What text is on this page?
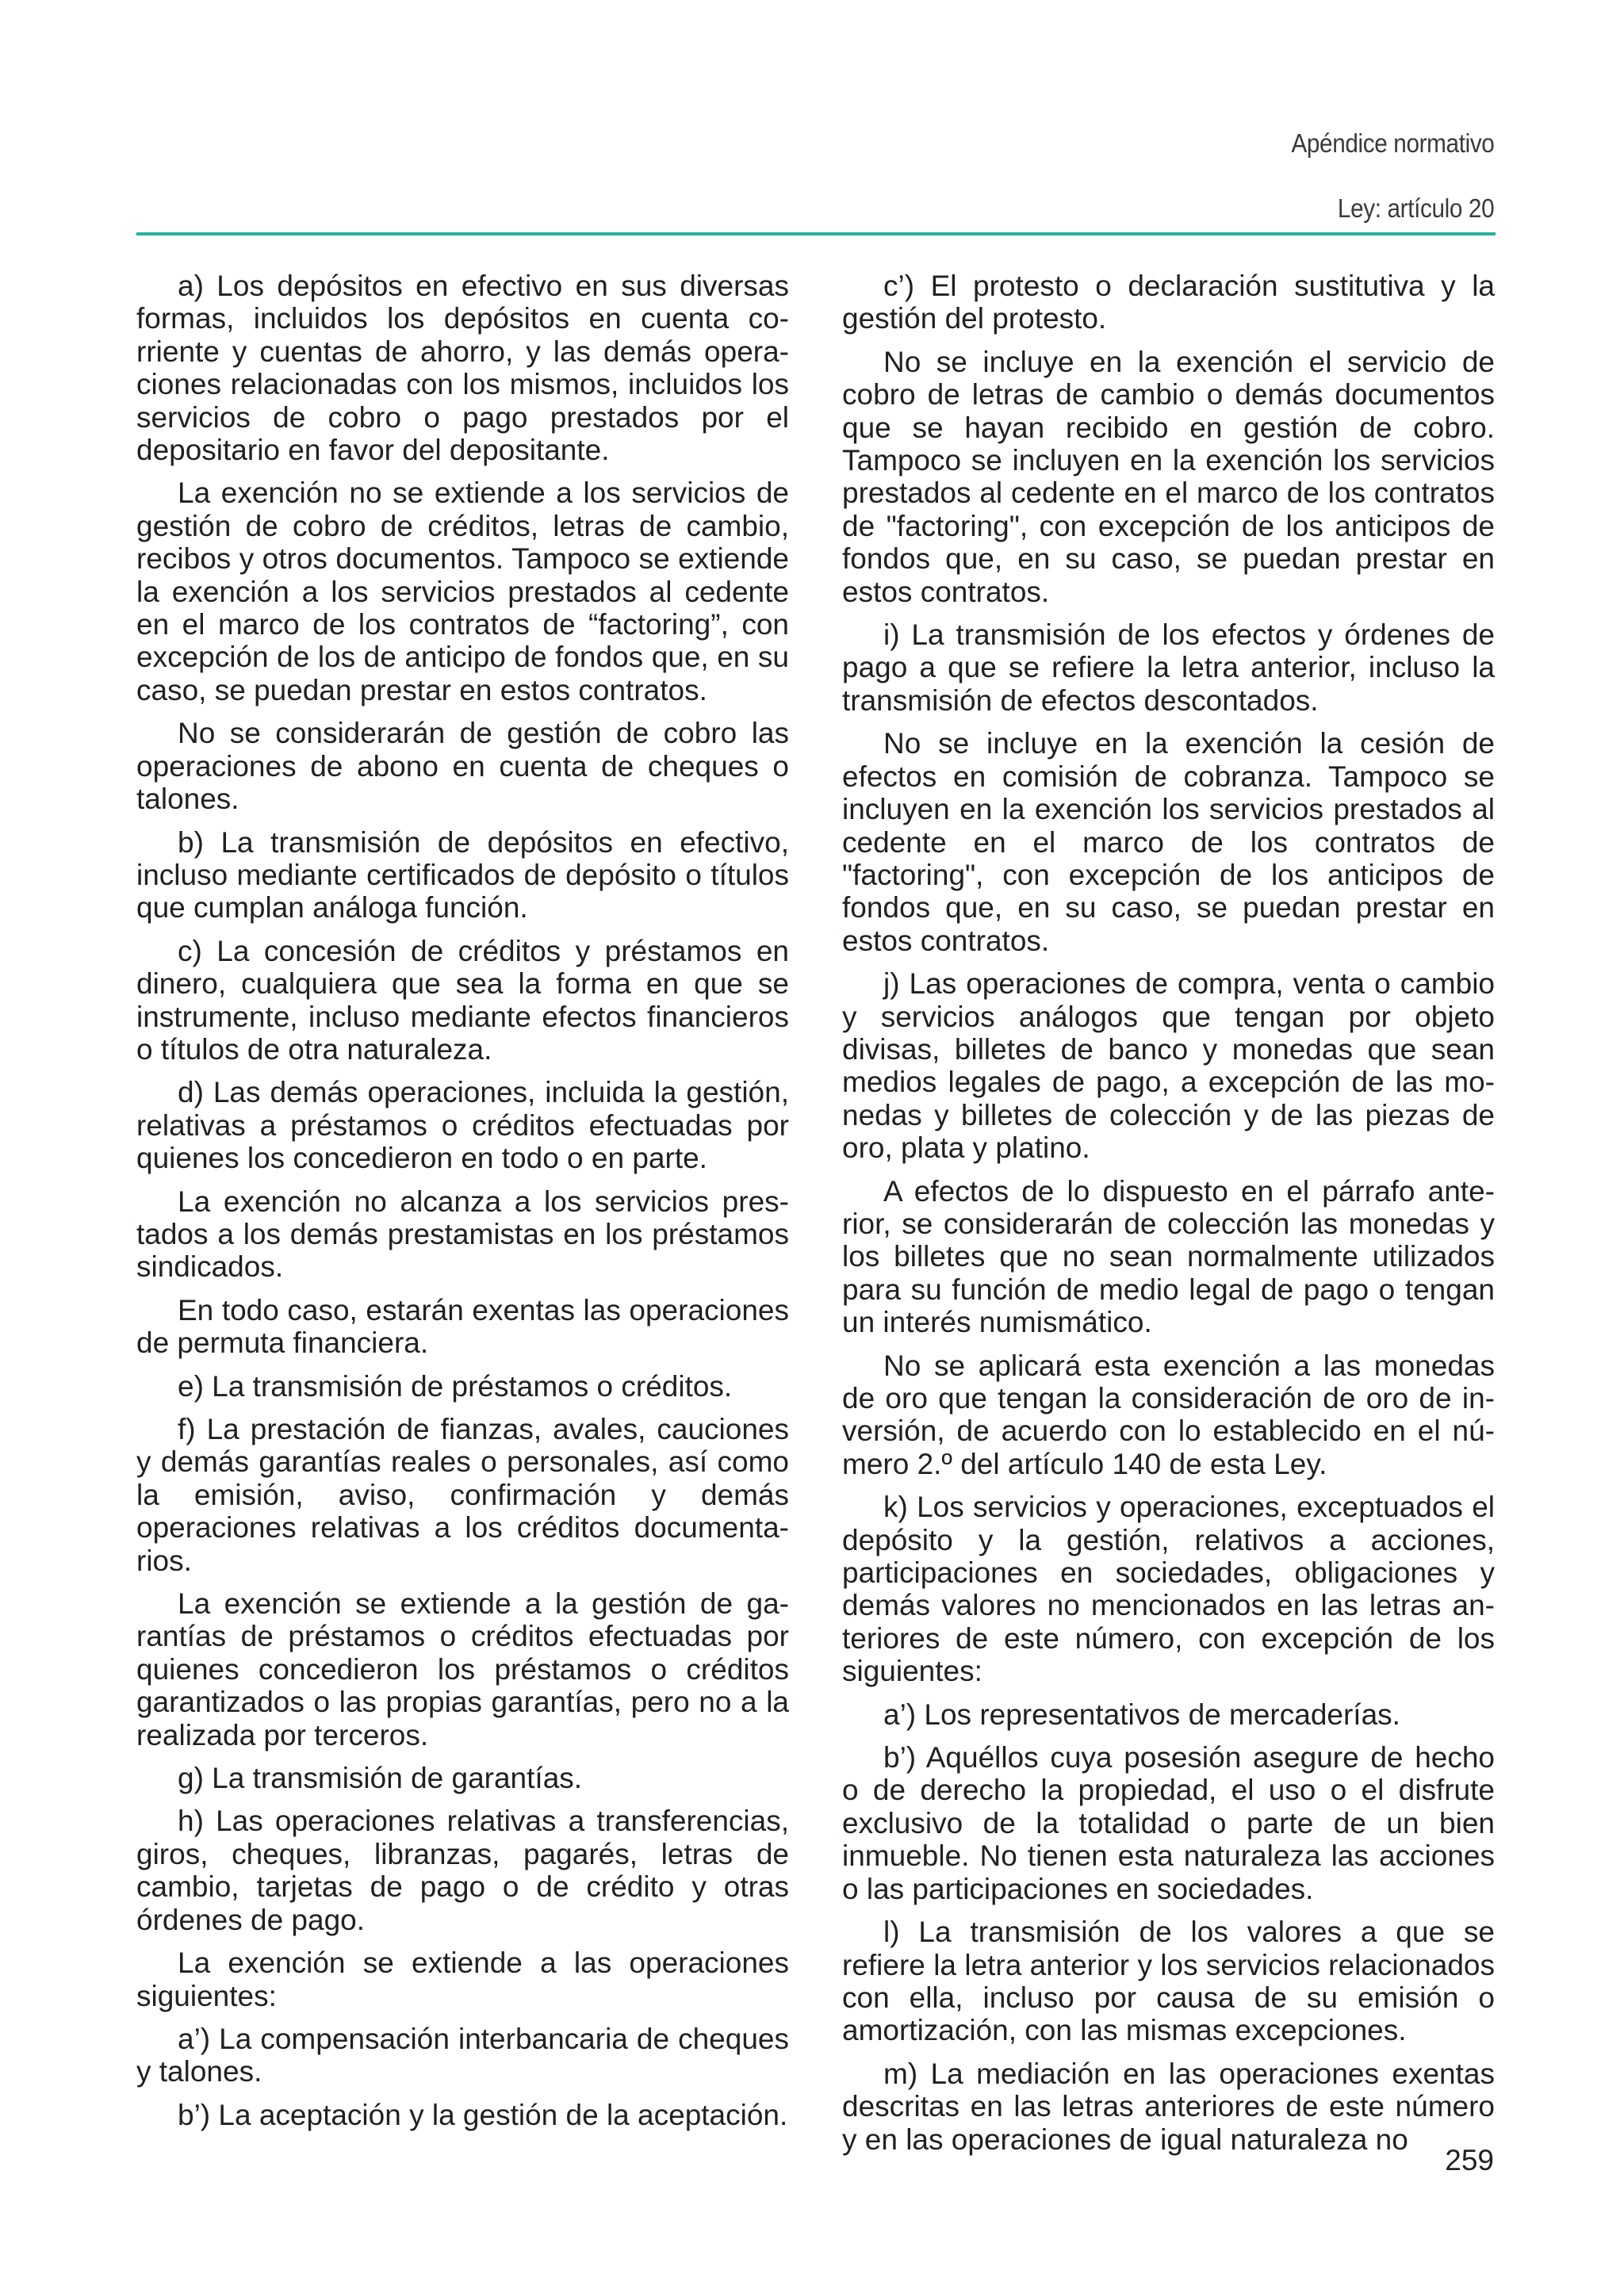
Apéndice normativo
Ley: artículo 20

a) Los depósitos en efectivo en sus diversas formas, incluidos los depósitos en cuenta corriente y cuentas de ahorro, y las demás operaciones relacionadas con los mismos, incluidos los servicios de cobro o pago prestados por el depositario en favor del depositante.

La exención no se extiende a los servicios de gestión de cobro de créditos, letras de cambio, recibos y otros documentos. Tampoco se extiende la exención a los servicios prestados al cedente en el marco de los contratos de “factoring”, con excepción de los de anticipo de fondos que, en su caso, se puedan prestar en estos contratos.

No se considerarán de gestión de cobro las operaciones de abono en cuenta de cheques o talones.

b) La transmisión de depósitos en efectivo, incluso mediante certificados de depósito o títulos que cumplan análoga función.

c) La concesión de créditos y préstamos en dinero, cualquiera que sea la forma en que se instrumente, incluso mediante efectos financieros o títulos de otra naturaleza.

d) Las demás operaciones, incluida la gestión, relativas a préstamos o créditos efectuadas por quienes los concedieron en todo o en parte.

La exención no alcanza a los servicios prestados a los demás prestamistas en los préstamos sindicados.

En todo caso, estarán exentas las operaciones de permuta financiera.

e) La transmisión de préstamos o créditos.

f) La prestación de fianzas, avales, cauciones y demás garantías reales o personales, así como la emisión, aviso, confirmación y demás operaciones relativas a los créditos documentarios.

La exención se extiende a la gestión de garantías de préstamos o créditos efectuadas por quienes concedieron los préstamos o créditos garantizados o las propias garantías, pero no a la realizada por terceros.

g) La transmisión de garantías.

h) Las operaciones relativas a transferencias, giros, cheques, libranzas, pagarés, letras de cambio, tarjetas de pago o de crédito y otras órdenes de pago.

La exención se extiende a las operaciones siguientes:

a’) La compensación interbancaria de cheques y talones.

b’) La aceptación y la gestión de la aceptación.

c’) El protesto o declaración sustitutiva y la gestión del protesto.

No se incluye en la exención el servicio de cobro de letras de cambio o demás documentos que se hayan recibido en gestión de cobro. Tampoco se incluyen en la exención los servicios prestados al cedente en el marco de los contratos de "factoring", con excepción de los anticipos de fondos que, en su caso, se puedan prestar en estos contratos.

i) La transmisión de los efectos y órdenes de pago a que se refiere la letra anterior, incluso la transmisión de efectos descontados.

No se incluye en la exención la cesión de efectos en comisión de cobranza. Tampoco se incluyen en la exención los servicios prestados al cedente en el marco de los contratos de "factoring", con excepción de los anticipos de fondos que, en su caso, se puedan prestar en estos contratos.

j) Las operaciones de compra, venta o cambio y servicios análogos que tengan por objeto divisas, billetes de banco y monedas que sean medios legales de pago, a excepción de las monedas y billetes de colección y de las piezas de oro, plata y platino.

A efectos de lo dispuesto en el párrafo anterior, se considerarán de colección las monedas y los billetes que no sean normalmente utilizados para su función de medio legal de pago o tengan un interés numismático.

No se aplicará esta exención a las monedas de oro que tengan la consideración de oro de inversión, de acuerdo con lo establecido en el número 2.º del artículo 140 de esta Ley.

k) Los servicios y operaciones, exceptuados el depósito y la gestión, relativos a acciones, participaciones en sociedades, obligaciones y demás valores no mencionados en las letras anteriores de este número, con excepción de los siguientes:

a’) Los representativos de mercaderías.

b’) Aquéllos cuya posesión asegure de hecho o de derecho la propiedad, el uso o el disfrute exclusivo de la totalidad o parte de un bien inmueble. No tienen esta naturaleza las acciones o las participaciones en sociedades.

l) La transmisión de los valores a que se refiere la letra anterior y los servicios relacionados con ella, incluso por causa de su emisión o amortización, con las mismas excepciones.

m) La mediación en las operaciones exentas descritas en las letras anteriores de este número y en las operaciones de igual naturaleza no

259
